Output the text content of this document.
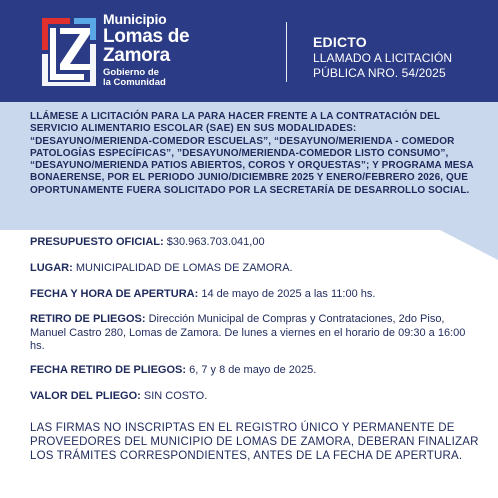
Municipio
Lomas de
Zamora
Gobierno de
la Comunidad
EDICTO
LLAMADO A LICITACIÓN
PÚBLICA NRO. 54/2025
LLÁMESE A LICITACIÓN PARA LA PARA HACER FRENTE A LA CONTRATACIÓN DEL SERVICIO ALIMENTARIO ESCOLAR (SAE) EN SUS MODALIDADES: “DESAYUNO/MERIENDA-COMEDOR ESCUELAS”, “DESAYUNO/MERIENDA - COMEDOR PATOLOGÍAS ESPECÍFICAS”, ”DESAYUNO/MERIENDA-COMEDOR LISTO CONSUMO”, “DESAYUNO/MERIENDA PATIOS ABIERTOS, COROS Y ORQUESTAS”; Y PROGRAMA MESA BONAERENSE, POR EL PERIODO JUNIO/DICIEMBRE 2025 Y ENERO/FEBRERO 2026, QUE OPORTUNAMENTE FUERA SOLICITADO POR LA SECRETARÍA DE DESARROLLO SOCIAL.
PRESUPUESTO OFICIAL: $30.963.703.041,00
LUGAR: MUNICIPALIDAD DE LOMAS DE ZAMORA.
FECHA Y HORA DE APERTURA: 14 de mayo de 2025 a las 11:00 hs.
RETIRO DE PLIEGOS: Dirección Municipal de Compras y Contrataciones, 2do Piso, Manuel Castro 280, Lomas de Zamora. De lunes a viernes en el horario de 09:30 a 16:00 hs.
FECHA RETIRO DE PLIEGOS: 6, 7 y 8 de mayo de 2025.
VALOR DEL PLIEGO: SIN COSTO.
LAS FIRMAS NO INSCRIPTAS EN EL REGISTRO ÚNICO Y PERMANENTE DE PROVEEDORES DEL MUNICIPIO DE LOMAS DE ZAMORA, DEBERAN FINALIZAR LOS TRÁMITES CORRESPONDIENTES, ANTES DE LA FECHA DE APERTURA.
